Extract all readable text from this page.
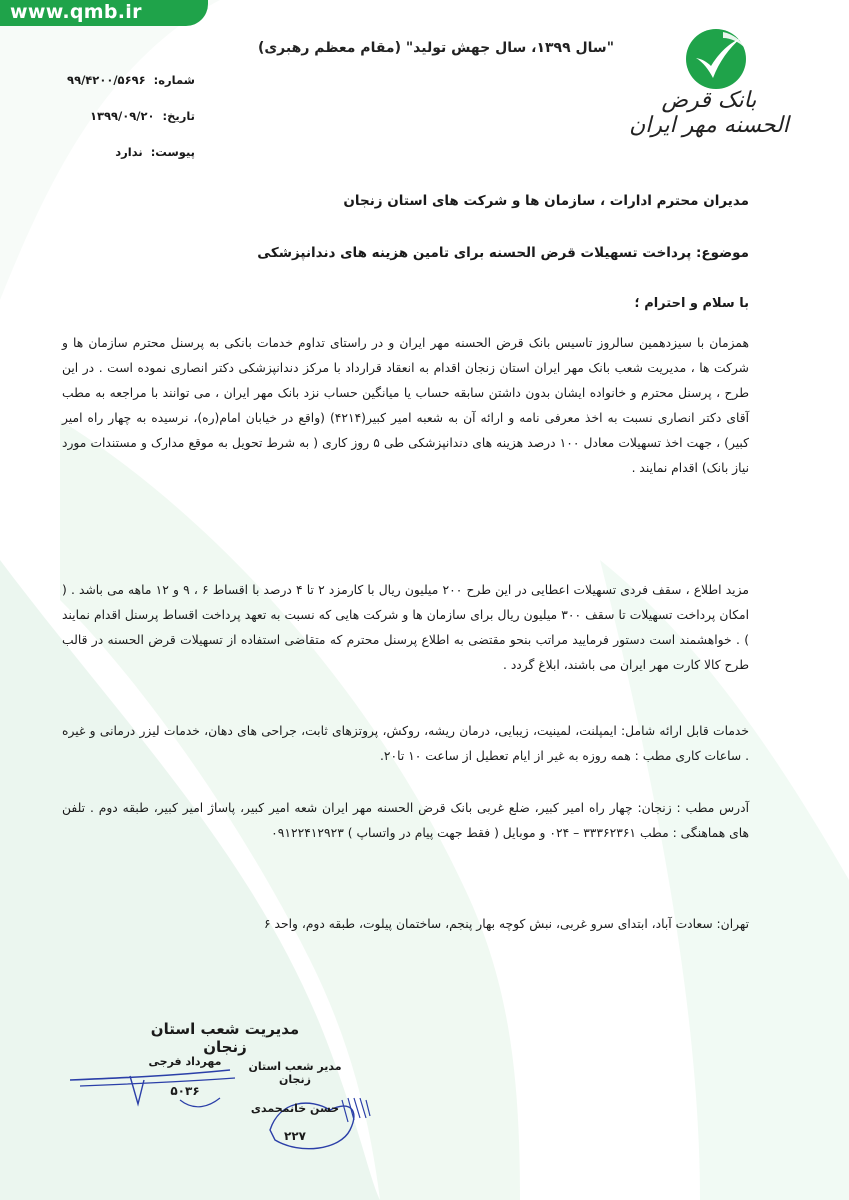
www.qmb.ir
بانک قرض الحسنه مهر ایران
"سال ۱۳۹۹، سال جهش تولید" (مقام معظم رهبری)
شماره:
۹۹/۴۲۰۰/۵۶۹۶
تاریخ:
۱۳۹۹/۰۹/۲۰
پیوست:
ندارد
مدیران محترم ادارات ، سازمان ها و شرکت های استان زنجان
موضوع: پرداخت تسهیلات قرض الحسنه برای تامین هزینه های دندانپزشکی
با سلام و احترام ؛
همزمان با سیزدهمین سالروز تاسیس بانک قرض الحسنه مهر ایران و در راستای تداوم خدمات بانکی به پرسنل محترم سازمان ها و شرکت ها ، مدیریت شعب بانک مهر ایران استان زنجان اقدام به انعقاد قرارداد با مرکز دندانپزشکی دکتر انصاری نموده است . در این طرح ، پرسنل محترم و خانواده ایشان بدون داشتن سابقه حساب یا میانگین حساب نزد بانک مهر ایران ، می توانند با مراجعه به مطب آقای دکتر انصاری نسبت به اخذ معرفی نامه و ارائه آن به شعبه امیر کبیر(۴۲۱۴) (واقع در خیابان امام(ره)، نرسیده به چهار راه امیر کبیر) ، جهت اخذ تسهیلات معادل ۱۰۰ درصد هزینه های دندانپزشکی طی ۵ روز کاری ( به شرط تحویل به موقع مدارک و مستندات مورد نیاز بانک) اقدام نمایند .
مزید اطلاع ، سقف فردی تسهیلات اعطایی در این طرح ۲۰۰ میلیون ریال با کارمزد ۲ تا ۴ درصد با اقساط ۶ ، ۹ و ۱۲ ماهه می باشد . ( امکان پرداخت تسهیلات تا سقف ۳۰۰ میلیون ریال برای سازمان ها و شرکت هایی که نسبت به تعهد پرداخت اقساط پرسنل اقدام نمایند ) . خواهشمند است دستور فرمایید مراتب بنحو مقتضی به اطلاع پرسنل محترم که متقاضی استفاده از تسهیلات قرض الحسنه در قالب طرح کالا کارت مهر ایران می باشند، ابلاغ گردد .
خدمات قابل ارائه شامل: ایمپلنت، لمینیت، زیبایی، درمان ریشه، روکش، پروتزهای ثابت، جراحی های دهان، خدمات لیزر درمانی و غیره . ساعات کاری مطب : همه روزه به غیر از ایام تعطیل از ساعت ۱۰ تا۲۰.
آدرس مطب : زنجان: چهار راه امیر کبیر، ضلع غربی بانک قرض الحسنه مهر ایران شعه امیر کبیر، پاساژ امیر کبیر، طبقه دوم . تلفن های هماهنگی : مطب ۳۳۳۶۲۳۶۱ – ۰۲۴ و موبایل ( فقط جهت پیام در واتساپ ) ۰۹۱۲۲۴۱۲۹۲۳
تهران: سعادت آباد، ابتدای سرو غربی، نبش کوچه بهار پنجم، ساختمان پیلوت، طبقه دوم، واحد ۶
مدیریت شعب استان زنجان
مهرداد فرجی
۵۰۳۶
مدیر شعب استان زنجان
حسن خانمحمدی
۲۲۷
